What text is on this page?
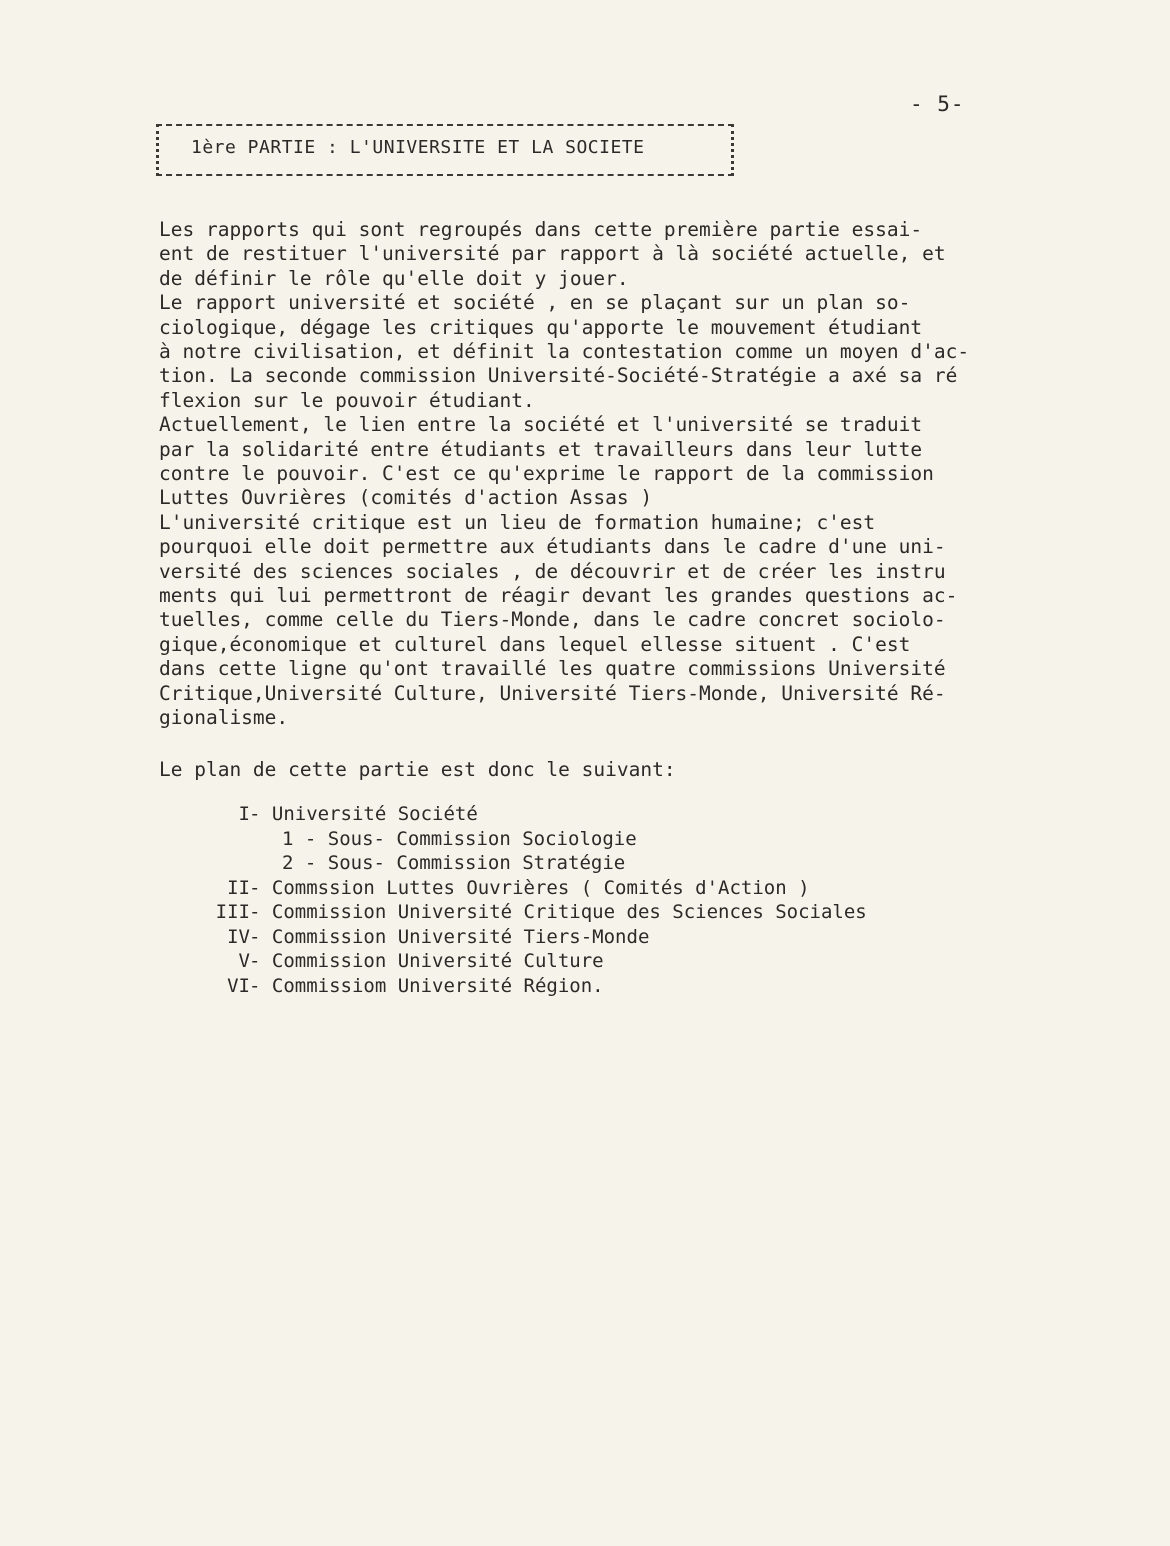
- 5-
1ère PARTIE : L'UNIVERSITE ET LA SOCIETE
Les rapports qui sont regroupés dans cette première partie essai-
ent de restituer l'université par rapport à là société actuelle, et
de définir le rôle qu'elle doit y jouer.
Le rapport université et société , en se plaçant sur un plan so-
ciologique, dégage les critiques qu'apporte le mouvement étudiant
à notre civilisation, et définit la contestation comme un moyen d'ac-
tion. La seconde commission Université-Société-Stratégie a axé sa ré
flexion sur le pouvoir étudiant.
Actuellement, le lien entre la société et l'université se traduit
par la solidarité entre étudiants et travailleurs dans leur lutte
contre le pouvoir. C'est ce qu'exprime le rapport de la commission
Luttes Ouvrières (comités d'action Assas )
L'université critique est un lieu de formation humaine; c'est
pourquoi elle doit permettre aux étudiants dans le cadre d'une uni-
versité des sciences sociales , de découvrir et de créer les instru
ments qui lui permettront de réagir devant les grandes questions ac-
tuelles, comme celle du Tiers-Monde, dans le cadre concret sociolo-
gique,économique et culturel dans lequel ellesse situent . C'est
dans cette ligne qu'ont travaillé les quatre commissions Université
Critique,Université Culture, Université Tiers-Monde, Université Ré-
gionalisme.
Le plan de cette partie est donc le suivant:
I - Université Société
1 - Sous- Commission Sociologie
2 - Sous- Commission Stratégie
II - Commssion Luttes Ouvrières ( Comités d'Action )
III - Commission Université Critique des Sciences Sociales
IV - Commission Université Tiers-Monde
V - Commission Université Culture
VI - Commissiom Université Région.
